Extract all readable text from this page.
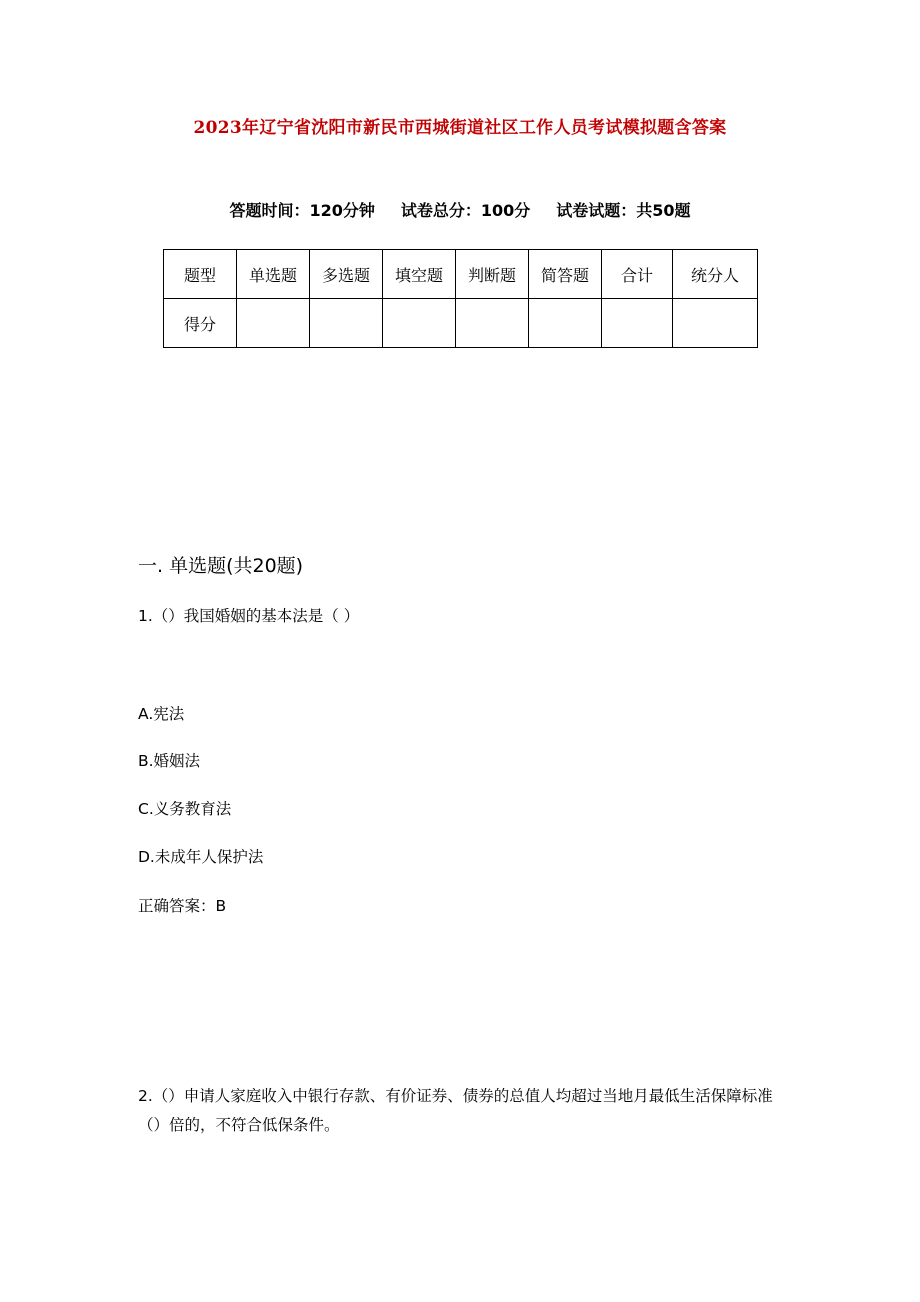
2023年辽宁省沈阳市新民市西城街道社区工作人员考试模拟题含答案
答题时间：120分钟 试卷总分：100分 试卷试题：共50题
题型	单选题	多选题	填空题	判断题	简答题	合计	统分人
得分							
一. 单选题(共20题)
1.（）我国婚姻的基本法是（ ）
A.宪法
B.婚姻法
C.义务教育法
D.未成年人保护法
正确答案：B
2.（）申请人家庭收入中银行存款、有价证券、债券的总值人均超过当地月最低生活保障标准（）倍的，不符合低保条件。
